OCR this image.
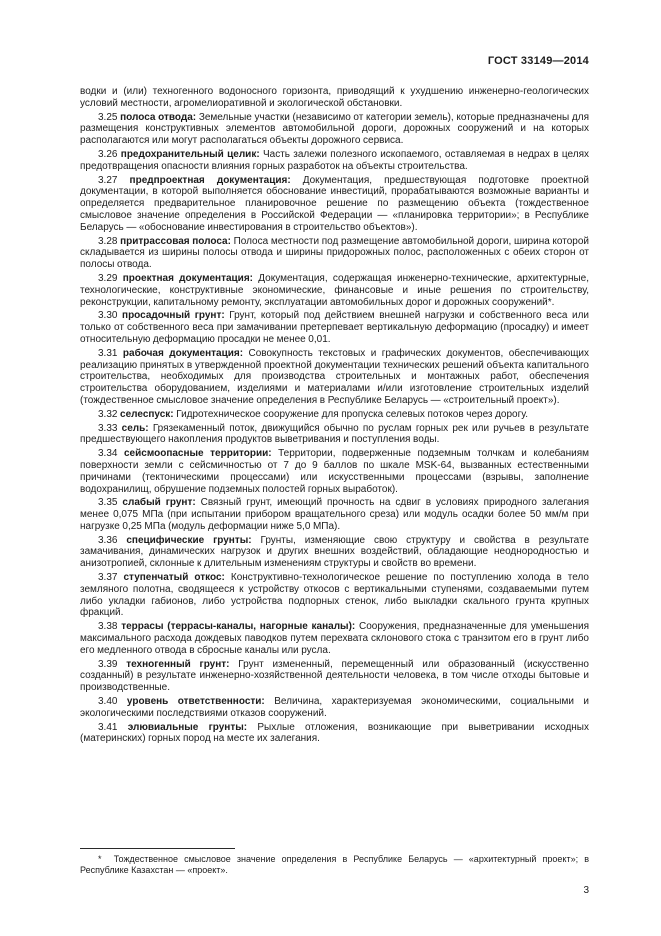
ГОСТ 33149—2014

водки и (или) техногенного водоносного горизонта, приводящий к ухудшению инженерно-геологических условий местности, агромелиоративной и экологической обстановки.

3.25 полоса отвода: Земельные участки (независимо от категории земель), которые предназначены для размещения конструктивных элементов автомобильной дороги, дорожных сооружений и на которых располагаются или могут располагаться объекты дорожного сервиса.

3.26 предохранительный целик: Часть залежи полезного ископаемого, оставляемая в недрах в целях предотвращения опасности влияния горных разработок на объекты строительства.

3.27 предпроектная документация: Документация, предшествующая подготовке проектной документации, в которой выполняется обоснование инвестиций, прорабатываются возможные варианты и определяется предварительное планировочное решение по размещению объекта (тождественное смысловое значение определения в Российской Федерации — «планировка территории»; в Республике Беларусь — «обоснование инвестирования в строительство объектов»).

3.28 притрассовая полоса: Полоса местности под размещение автомобильной дороги, ширина которой складывается из ширины полосы отвода и ширины придорожных полос, расположенных с обеих сторон от полосы отвода.

3.29 проектная документация: Документация, содержащая инженерно-технические, архитектурные, технологические, конструктивные экономические, финансовые и иные решения по строительству, реконструкции, капитальному ремонту, эксплуатации автомобильных дорог и дорожных сооружений*.

3.30 просадочный грунт: Грунт, который под действием внешней нагрузки и собственного веса или только от собственного веса при замачивании претерпевает вертикальную деформацию (просадку) и имеет относительную деформацию просадки не менее 0,01.

3.31 рабочая документация: Совокупность текстовых и графических документов, обеспечивающих реализацию принятых в утвержденной проектной документации технических решений объекта капитального строительства, необходимых для производства строительных и монтажных работ, обеспечения строительства оборудованием, изделиями и материалами и/или изготовление строительных изделий (тождественное смысловое значение определения в Республике Беларусь — «строительный проект»).

3.32 селеспуск: Гидротехническое сооружение для пропуска селевых потоков через дорогу.

3.33 сель: Грязекаменный поток, движущийся обычно по руслам горных рек или ручьев в результате предшествующего накопления продуктов выветривания и поступления воды.

3.34 сейсмоопасные территории: Территории, подверженные подземным толчкам и колебаниям поверхности земли с сейсмичностью от 7 до 9 баллов по шкале MSK-64, вызванных естественными причинами (тектоническими процессами) или искусственными процессами (взрывы, заполнение водохранилищ, обрушение подземных полостей горных выработок).

3.35 слабый грунт: Связный грунт, имеющий прочность на сдвиг в условиях природного залегания менее 0,075 МПа (при испытании прибором вращательного среза) или модуль осадки более 50 мм/м при нагрузке 0,25 МПа (модуль деформации ниже 5,0 МПа).

3.36 специфические грунты: Грунты, изменяющие свою структуру и свойства в результате замачивания, динамических нагрузок и других внешних воздействий, обладающие неоднородностью и анизотропией, склонные к длительным изменениям структуры и свойств во времени.

3.37 ступенчатый откос: Конструктивно-технологическое решение по поступлению холода в тело земляного полотна, сводящееся к устройству откосов с вертикальными ступенями, создаваемыми путем либо укладки габионов, либо устройства подпорных стенок, либо выкладки скального грунта крупных фракций.

3.38 террасы (террасы-каналы, нагорные каналы): Сооружения, предназначенные для уменьшения максимального расхода дождевых паводков путем перехвата склонового стока с транзитом его в грунт либо его медленного отвода в сбросные каналы или русла.

3.39 техногенный грунт: Грунт измененный, перемещенный или образованный (искусственно созданный) в результате инженерно-хозяйственной деятельности человека, в том числе отходы бытовые и производственные.

3.40 уровень ответственности: Величина, характеризуемая экономическими, социальными и экологическими последствиями отказов сооружений.

3.41 элювиальные грунты: Рыхлые отложения, возникающие при выветривании исходных (материнских) горных пород на месте их залегания.

* Тождественное смысловое значение определения в Республике Беларусь — «архитектурный проект»; в Республике Казахстан — «проект».

3
